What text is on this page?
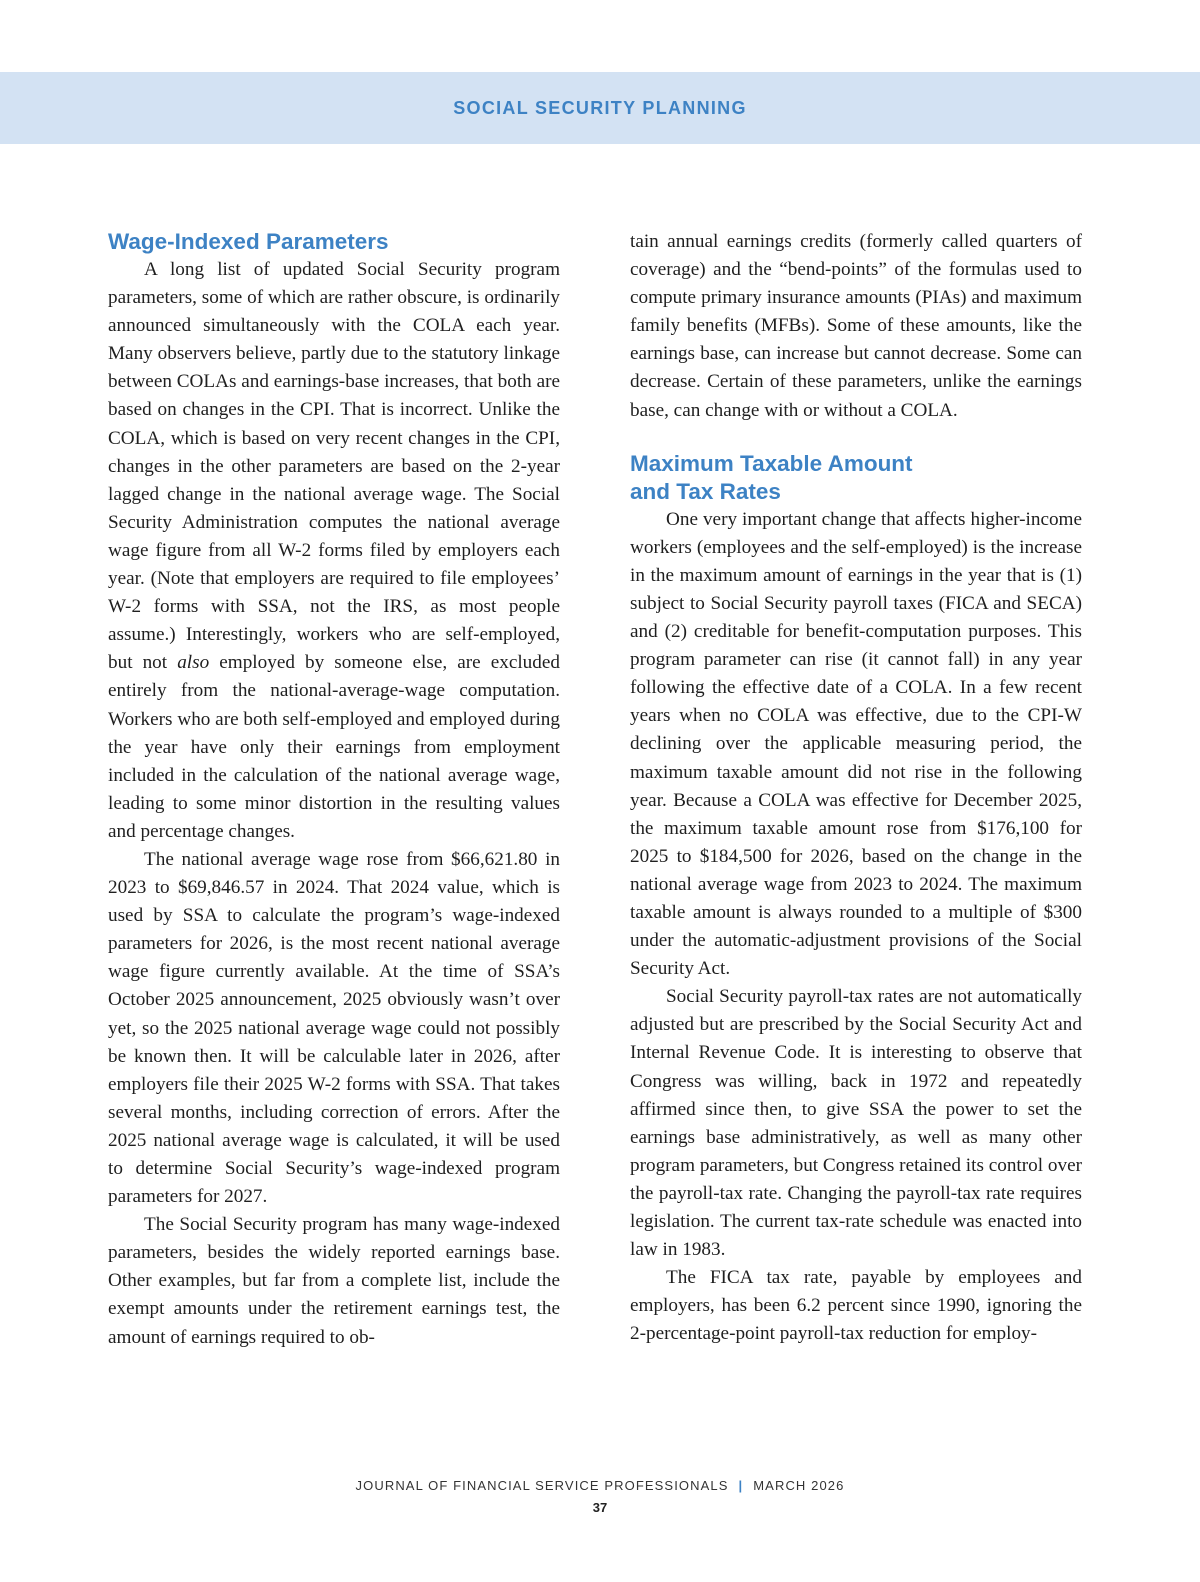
SOCIAL SECURITY PLANNING
Wage-Indexed Parameters

A long list of updated Social Security program parameters, some of which are rather obscure, is ordinarily announced simultaneously with the COLA each year. Many observers believe, partly due to the statutory linkage between COLAs and earnings-base increases, that both are based on changes in the CPI. That is incorrect. Unlike the COLA, which is based on very recent changes in the CPI, changes in the other parameters are based on the 2-year lagged change in the national average wage. The Social Security Administration computes the national average wage figure from all W-2 forms filed by employers each year. (Note that employers are required to file employees’ W-2 forms with SSA, not the IRS, as most people assume.) Interestingly, workers who are self-employed, but not also employed by someone else, are excluded entirely from the national-average-wage computation. Workers who are both self-employed and employed during the year have only their earnings from employment included in the calculation of the national average wage, leading to some minor distortion in the resulting values and percentage changes.

The national average wage rose from $66,621.80 in 2023 to $69,846.57 in 2024. That 2024 value, which is used by SSA to calculate the program’s wage-indexed parameters for 2026, is the most recent national average wage figure currently available. At the time of SSA’s October 2025 announcement, 2025 obviously wasn’t over yet, so the 2025 national average wage could not possibly be known then. It will be calculable later in 2026, after employers file their 2025 W-2 forms with SSA. That takes several months, including correction of errors. After the 2025 national average wage is calculated, it will be used to determine Social Security’s wage-indexed program parameters for 2027.

The Social Security program has many wage-indexed parameters, besides the widely reported earnings base. Other examples, but far from a complete list, include the exempt amounts under the retirement earnings test, the amount of earnings required to ob-

tain annual earnings credits (formerly called quarters of coverage) and the “bend-points” of the formulas used to compute primary insurance amounts (PIAs) and maximum family benefits (MFBs). Some of these amounts, like the earnings base, can increase but cannot decrease. Some can decrease. Certain of these parameters, unlike the earnings base, can change with or without a COLA.

Maximum Taxable Amount
and Tax Rates

One very important change that affects higher-income workers (employees and the self-employed) is the increase in the maximum amount of earnings in the year that is (1) subject to Social Security payroll taxes (FICA and SECA) and (2) creditable for benefit-computation purposes. This program parameter can rise (it cannot fall) in any year following the effective date of a COLA. In a few recent years when no COLA was effective, due to the CPI-W declining over the applicable measuring period, the maximum taxable amount did not rise in the following year. Because a COLA was effective for December 2025, the maximum taxable amount rose from $176,100 for 2025 to $184,500 for 2026, based on the change in the national average wage from 2023 to 2024. The maximum taxable amount is always rounded to a multiple of $300 under the automatic-adjustment provisions of the Social Security Act.

Social Security payroll-tax rates are not automatically adjusted but are prescribed by the Social Security Act and Internal Revenue Code. It is interesting to observe that Congress was willing, back in 1972 and repeatedly affirmed since then, to give SSA the power to set the earnings base administratively, as well as many other program parameters, but Congress retained its control over the payroll-tax rate. Changing the payroll-tax rate requires legislation. The current tax-rate schedule was enacted into law in 1983.

The FICA tax rate, payable by employees and employers, has been 6.2 percent since 1990, ignoring the 2-percentage-point payroll-tax reduction for employ-

JOURNAL OF FINANCIAL SERVICE PROFESSIONALS | MARCH 2026
37
